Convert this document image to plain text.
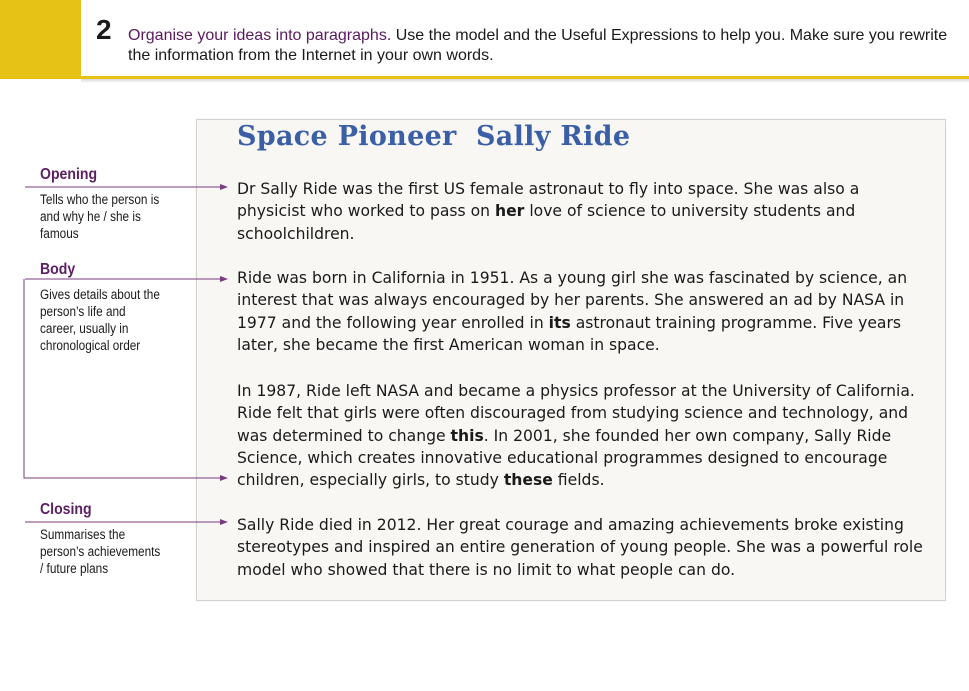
2 Organise your ideas into paragraphs. Use the model and the Useful Expressions to help you. Make sure you rewrite the information from the Internet in your own words.
Space Pioneer  Sally Ride

Dr Sally Ride was the first US female astronaut to fly into space. She was also a physicist who worked to pass on her love of science to university students and schoolchildren.

Ride was born in California in 1951. As a young girl she was fascinated by science, an interest that was always encouraged by her parents. She answered an ad by NASA in 1977 and the following year enrolled in its astronaut training programme. Five years later, she became the first American woman in space.

In 1987, Ride left NASA and became a physics professor at the University of California. Ride felt that girls were often discouraged from studying science and technology, and was determined to change this. In 2001, she founded her own company, Sally Ride Science, which creates innovative educational programmes designed to encourage children, especially girls, to study these fields.

Sally Ride died in 2012. Her great courage and amazing achievements broke existing stereotypes and inspired an entire generation of young people. She was a powerful role model who showed that there is no limit to what people can do.

Opening
Tells who the person is and why he / she is famous
Body
Gives details about the person’s life and career, usually in chronological order
Closing
Summarises the person’s achievements / future plans
